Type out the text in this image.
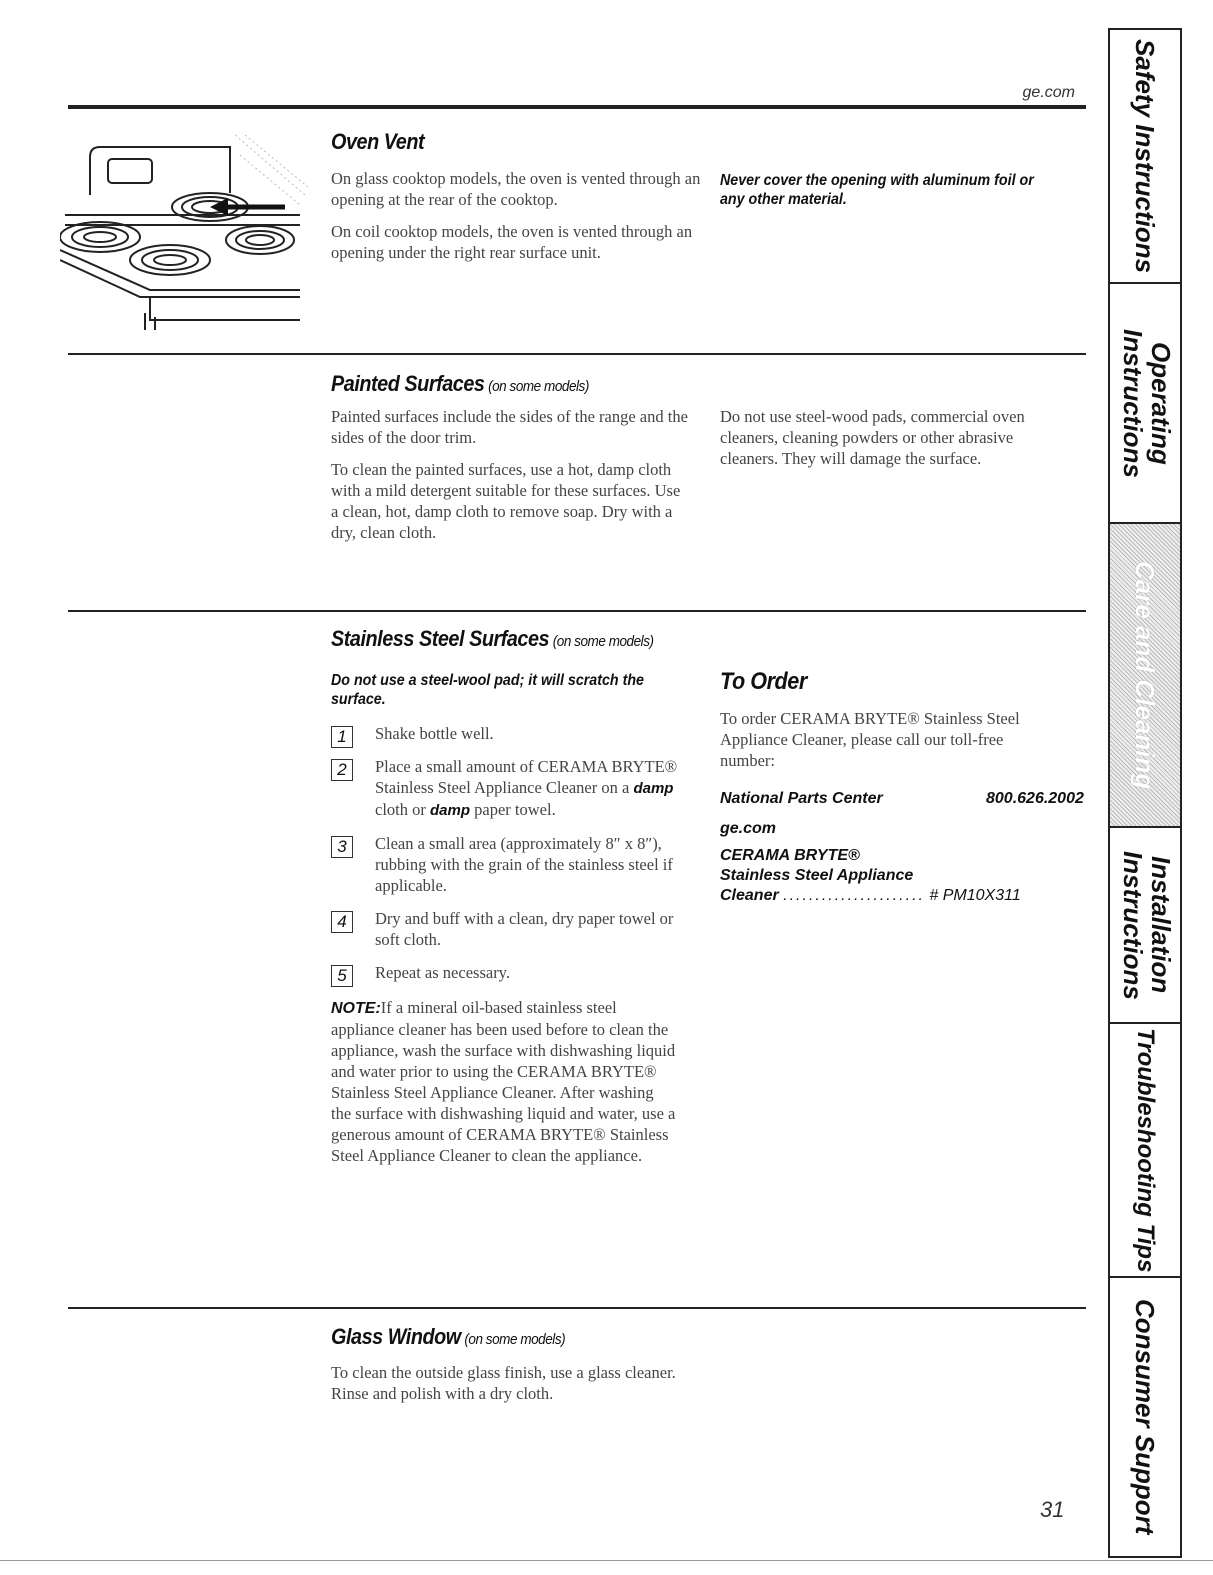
ge.com
Oven Vent

On glass cooktop models, the oven is vented through an opening at the rear of the cooktop.

On coil cooktop models, the oven is vented through an opening under the right rear surface unit.

Never cover the opening with aluminum foil or any other material.
Painted Surfaces (on some models)

Painted surfaces include the sides of the range and the sides of the door trim.

To clean the painted surfaces, use a hot, damp cloth with a mild detergent suitable for these surfaces. Use a clean, hot, damp cloth to remove soap. Dry with a dry, clean cloth.

Do not use steel-wood pads, commercial oven cleaners, cleaning powders or other abrasive cleaners. They will damage the surface.

Stainless Steel Surfaces (on some models)
Do not use a steel-wool pad; it will scratch the surface.
1	Shake bottle well.
2	Place a small amount of CERAMA BRYTE® Stainless Steel Appliance Cleaner on a damp cloth or damp paper towel.
3	Clean a small area (approximately 8″ x 8″), rubbing with the grain of the stainless steel if applicable.
4	Dry and buff with a clean, dry paper towel or soft cloth.
5	Repeat as necessary.
NOTE:If a mineral oil-based stainless steel appliance cleaner has been used before to clean the appliance, wash the surface with dishwashing liquid and water prior to using the CERAMA BRYTE® Stainless Steel Appliance Cleaner. After washing the surface with dishwashing liquid and water, use a generous amount of CERAMA BRYTE® Stainless Steel Appliance Cleaner to clean the appliance.
To Order
To order CERAMA BRYTE® Stainless Steel Appliance Cleaner, please call our toll-free number:
National Parts Center	800.626.2002
ge.com
CERAMA BRYTE®
Stainless Steel Appliance
Cleaner ...................... # PM10X311
Glass Window (on some models)
To clean the outside glass finish, use a glass cleaner. Rinse and polish with a dry cloth.
31
Safety Instructions
Operating Instructions
Care and Cleaning
Installation Instructions
Troubleshooting Tips
Consumer Support
